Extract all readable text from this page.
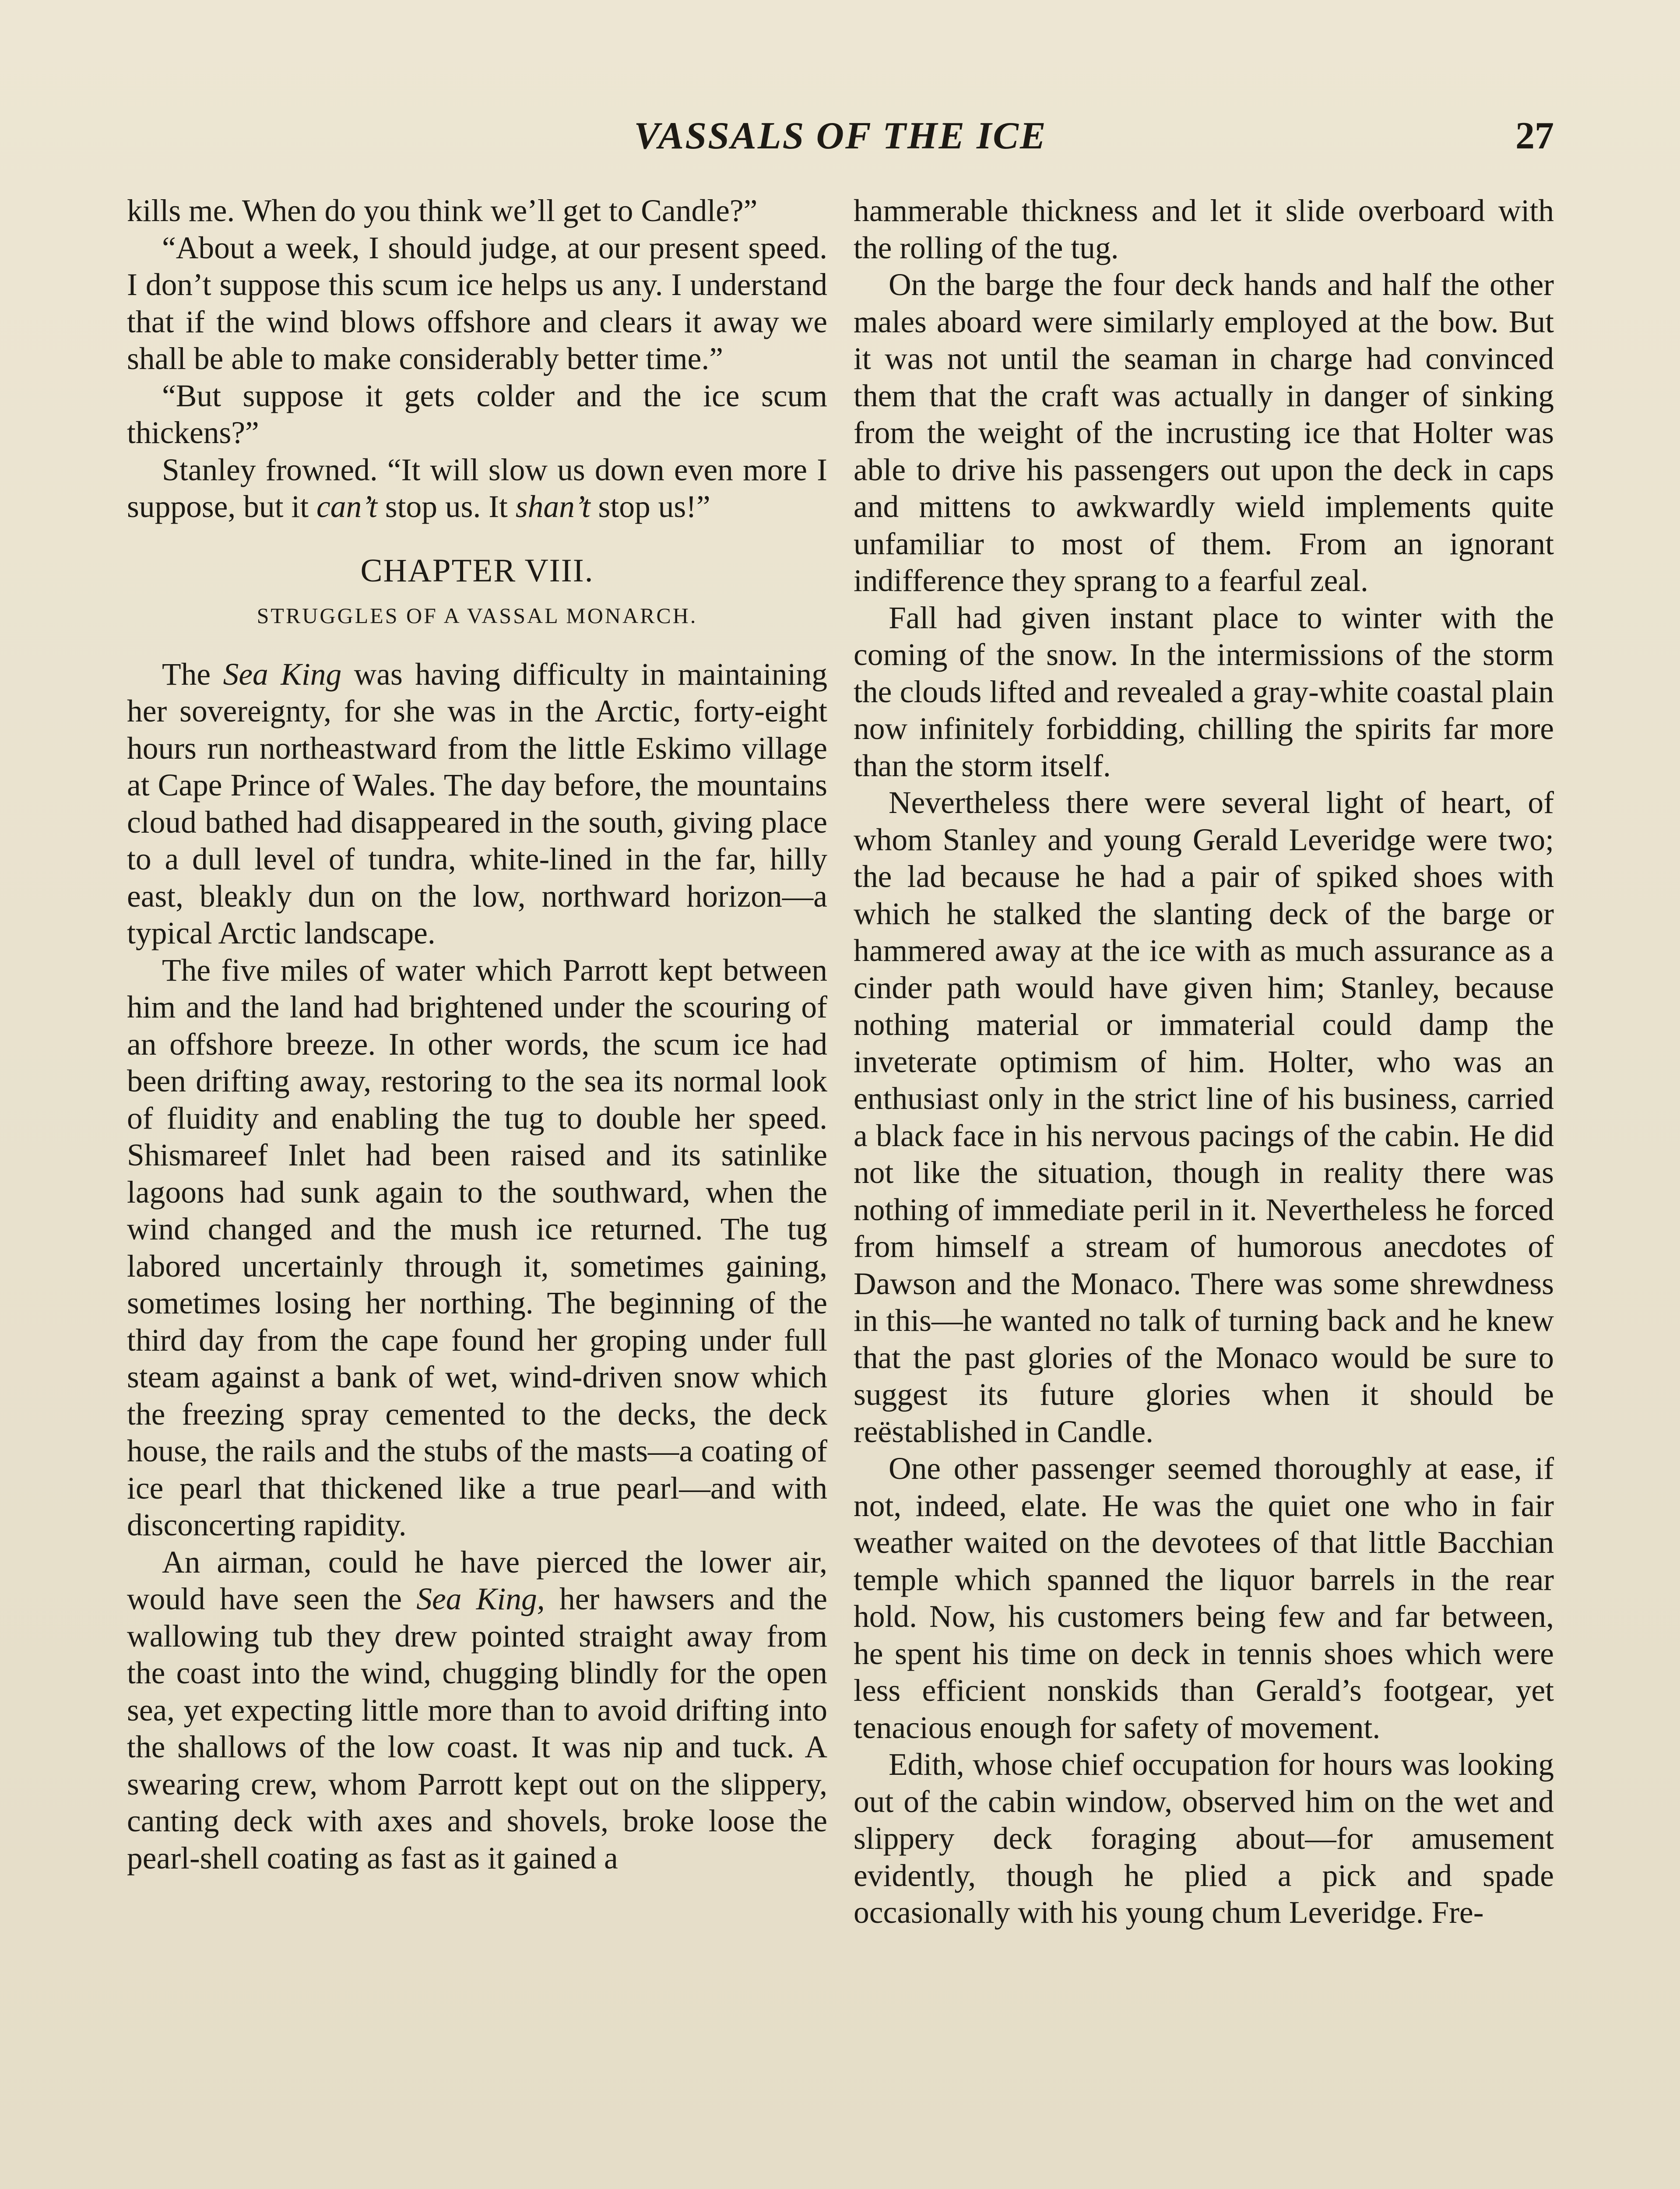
VASSALS OF THE ICE	27

kills me. When do you think we’ll get to Candle?”

“About a week, I should judge, at our present speed. I don’t suppose this scum ice helps us any. I understand that if the wind blows offshore and clears it away we shall be able to make considerably better time.”

“But suppose it gets colder and the ice scum thickens?”

Stanley frowned. “It will slow us down even more I suppose, but it can’t stop us. It shan’t stop us!”

CHAPTER VIII.
STRUGGLES OF A VASSAL MONARCH.

The Sea King was having difficulty in maintaining her sovereignty, for she was in the Arctic, forty-eight hours run northeastward from the little Eskimo village at Cape Prince of Wales. The day before, the mountains cloud bathed had disappeared in the south, giving place to a dull level of tundra, white-lined in the far, hilly east, bleakly dun on the low, northward horizon—a typical Arctic landscape.

The five miles of water which Parrott kept between him and the land had brightened under the scouring of an offshore breeze. In other words, the scum ice had been drifting away, restoring to the sea its normal look of fluidity and enabling the tug to double her speed. Shismareef Inlet had been raised and its satinlike lagoons had sunk again to the southward, when the wind changed and the mush ice returned. The tug labored uncertainly through it, sometimes gaining, sometimes losing her northing. The beginning of the third day from the cape found her groping under full steam against a bank of wet, wind-driven snow which the freezing spray cemented to the decks, the deck house, the rails and the stubs of the masts—a coating of ice pearl that thickened like a true pearl—and with disconcerting rapidity.

An airman, could he have pierced the lower air, would have seen the Sea King, her hawsers and the wallowing tub they drew pointed straight away from the coast into the wind, chugging blindly for the open sea, yet expecting little more than to avoid drifting into the shallows of the low coast. It was nip and tuck. A swearing crew, whom Parrott kept out on the slippery, canting deck with axes and shovels, broke loose the pearl-shell coating as fast as it gained a

hammerable thickness and let it slide overboard with the rolling of the tug.

On the barge the four deck hands and half the other males aboard were similarly employed at the bow. But it was not until the seaman in charge had convinced them that the craft was actually in danger of sinking from the weight of the incrusting ice that Holter was able to drive his passengers out upon the deck in caps and mittens to awkwardly wield implements quite unfamiliar to most of them. From an ignorant indifference they sprang to a fearful zeal.

Fall had given instant place to winter with the coming of the snow. In the intermissions of the storm the clouds lifted and revealed a gray-white coastal plain now infinitely forbidding, chilling the spirits far more than the storm itself.

Nevertheless there were several light of heart, of whom Stanley and young Gerald Leveridge were two; the lad because he had a pair of spiked shoes with which he stalked the slanting deck of the barge or hammered away at the ice with as much assurance as a cinder path would have given him; Stanley, because nothing material or immaterial could damp the inveterate optimism of him. Holter, who was an enthusiast only in the strict line of his business, carried a black face in his nervous pacings of the cabin. He did not like the situation, though in reality there was nothing of immediate peril in it. Nevertheless he forced from himself a stream of humorous anecdotes of Dawson and the Monaco. There was some shrewdness in this—he wanted no talk of turning back and he knew that the past glories of the Monaco would be sure to suggest its future glories when it should be reëstablished in Candle.

One other passenger seemed thoroughly at ease, if not, indeed, elate. He was the quiet one who in fair weather waited on the devotees of that little Bacchian temple which spanned the liquor barrels in the rear hold. Now, his customers being few and far between, he spent his time on deck in tennis shoes which were less efficient nonskids than Gerald’s footgear, yet tenacious enough for safety of movement.

Edith, whose chief occupation for hours was looking out of the cabin window, observed him on the wet and slippery deck foraging about—for amusement evidently, though he plied a pick and spade occasionally with his young chum Leveridge. Fre-
